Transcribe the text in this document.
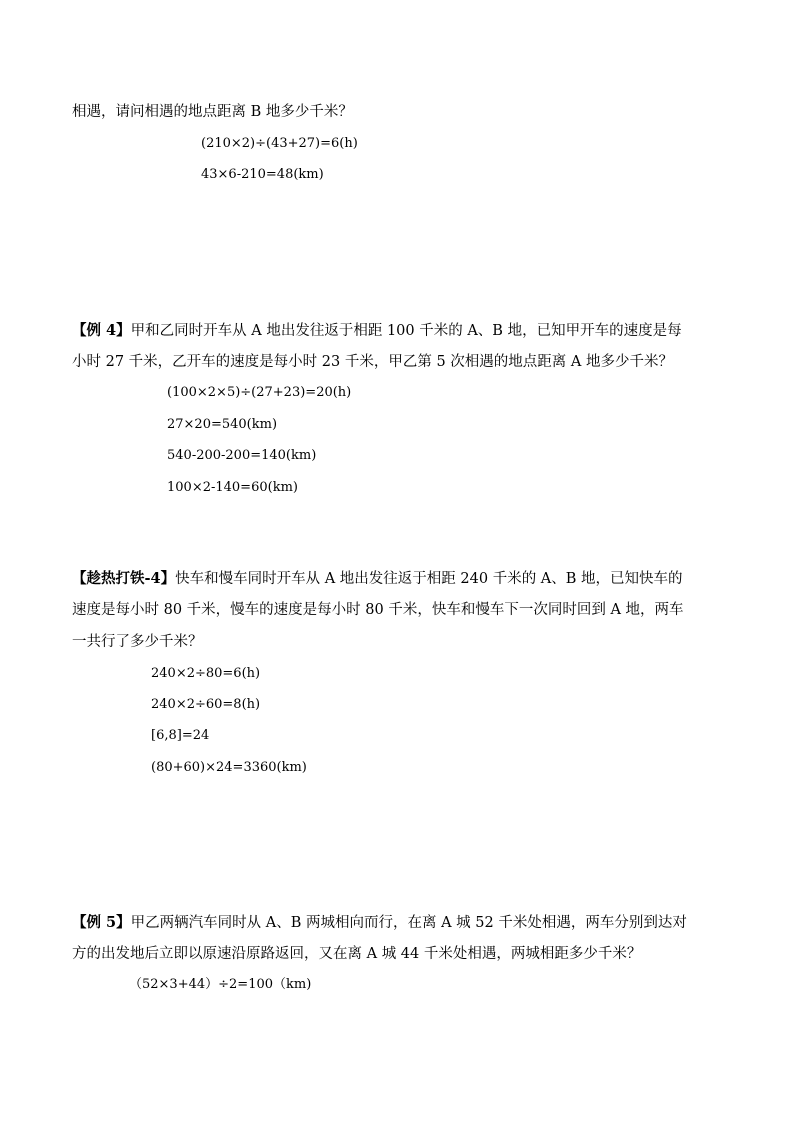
相遇，请问相遇的地点距离 B 地多少千米？
(210×2)÷(43+27)=6(h)
43×6-210=48(km)
【例 4】甲和乙同时开车从 A 地出发往返于相距 100 千米的 A、B 地，已知甲开车的速度是每
小时 27 千米，乙开车的速度是每小时 23 千米，甲乙第 5 次相遇的地点距离 A 地多少千米？
(100×2×5)÷(27+23)=20(h)
27×20=540(km)
540-200-200=140(km)
100×2-140=60(km)
【趁热打铁-4】快车和慢车同时开车从 A 地出发往返于相距 240 千米的 A、B 地，已知快车的
速度是每小时 80 千米，慢车的速度是每小时 80 千米，快车和慢车下一次同时回到 A 地，两车
一共行了多少千米？
240×2÷80=6(h)
240×2÷60=8(h)
[6,8]=24
(80+60)×24=3360(km)
【例 5】甲乙两辆汽车同时从 A、B 两城相向而行，在离 A 城 52 千米处相遇，两车分别到达对
方的出发地后立即以原速沿原路返回，又在离 A 城 44 千米处相遇，两城相距多少千米？
（52×3+44）÷2=100（km)
